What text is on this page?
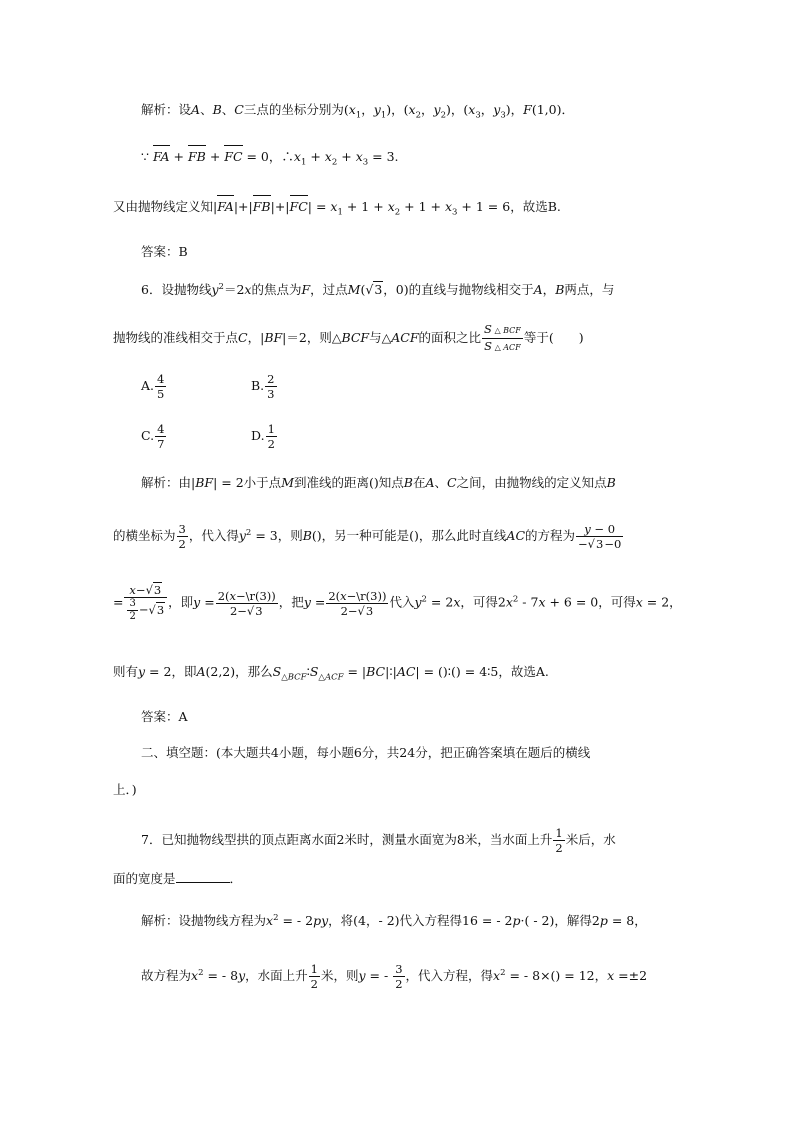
解析：设A、B、C三点的坐标分别为($x_1$，$y_1$)，($x_2$，$y_2$)，($x_3$，$y_3$)，F(1,0)．
∵ FA + FB + FC = 0，$\therefore x_1 + x_2 + x_3 = 3$.
又由抛物线定义知$|FA|+|FB|+|FC| = x_1 + 1 + x_2 + 1 + x_3 + 1 = 6$，故选B.
答案：B
6．设抛物线$y^2=2x$的焦点为F，过点M(√3，0)的直线与抛物线相交于A，B两点，与
抛物线的准线相交于点C，|BF|＝2，则△BCF与△ACF的面积之比 $\frac{\text{S △ BCF}}{\text{S △ ACF}}$ 等于(　　)
A. $\frac{4}{5}$	B. $\frac{2}{3}$
C. $\frac{4}{7}$	D. $\frac{1}{2}$
解析：由|BF| = 2小于点M到准线的距离()知点B在A、C之间，由抛物线的定义知点B
的横坐标为 $\frac{3}{2}$ ，代入得$y^2 = 3$，则B()，另一种可能是()，那么此时直线AC的方程为 $\frac{y - 0}{-√3-0}$
= $\frac{x-√3}{\frac{3}{2} -√3}$ ，即$y = \frac{2(x-\backslash r(3))}{2-√3}$ ，把$y = \frac{2(x-\backslash r(3))}{2-√3}$ 代入$y^2 = 2x$，可得$2x^2 - 7x + 6 = 0$，可得x = 2，
则有y = 2，即A(2,2)，那么$S_{\triangle BCF}∶S_{\triangle ACF}$ = |BC|∶|AC| = ()∶() = 4∶5，故选A.
答案：A
二、填空题：(本大题共4小题，每小题6分，共24分，把正确答案填在题后的横线
上．)
7．已知抛物线型拱的顶点距离水面2米时，测量水面宽为8米，当水面上升 $\frac{1}{2}$ 米后，水
面的宽度是	．
解析：设抛物线方程为$x^2$ = - 2py，将(4，- 2)代入方程得16 = - 2p·( - 2)，解得2p = 8，
故方程为$x^2$ = - 8y，水面上升 $\frac{1}{2}$ 米，则y = - $\frac{3}{2}$ ，代入方程，得$x^2$ = - 8×() = 12，x =±2
